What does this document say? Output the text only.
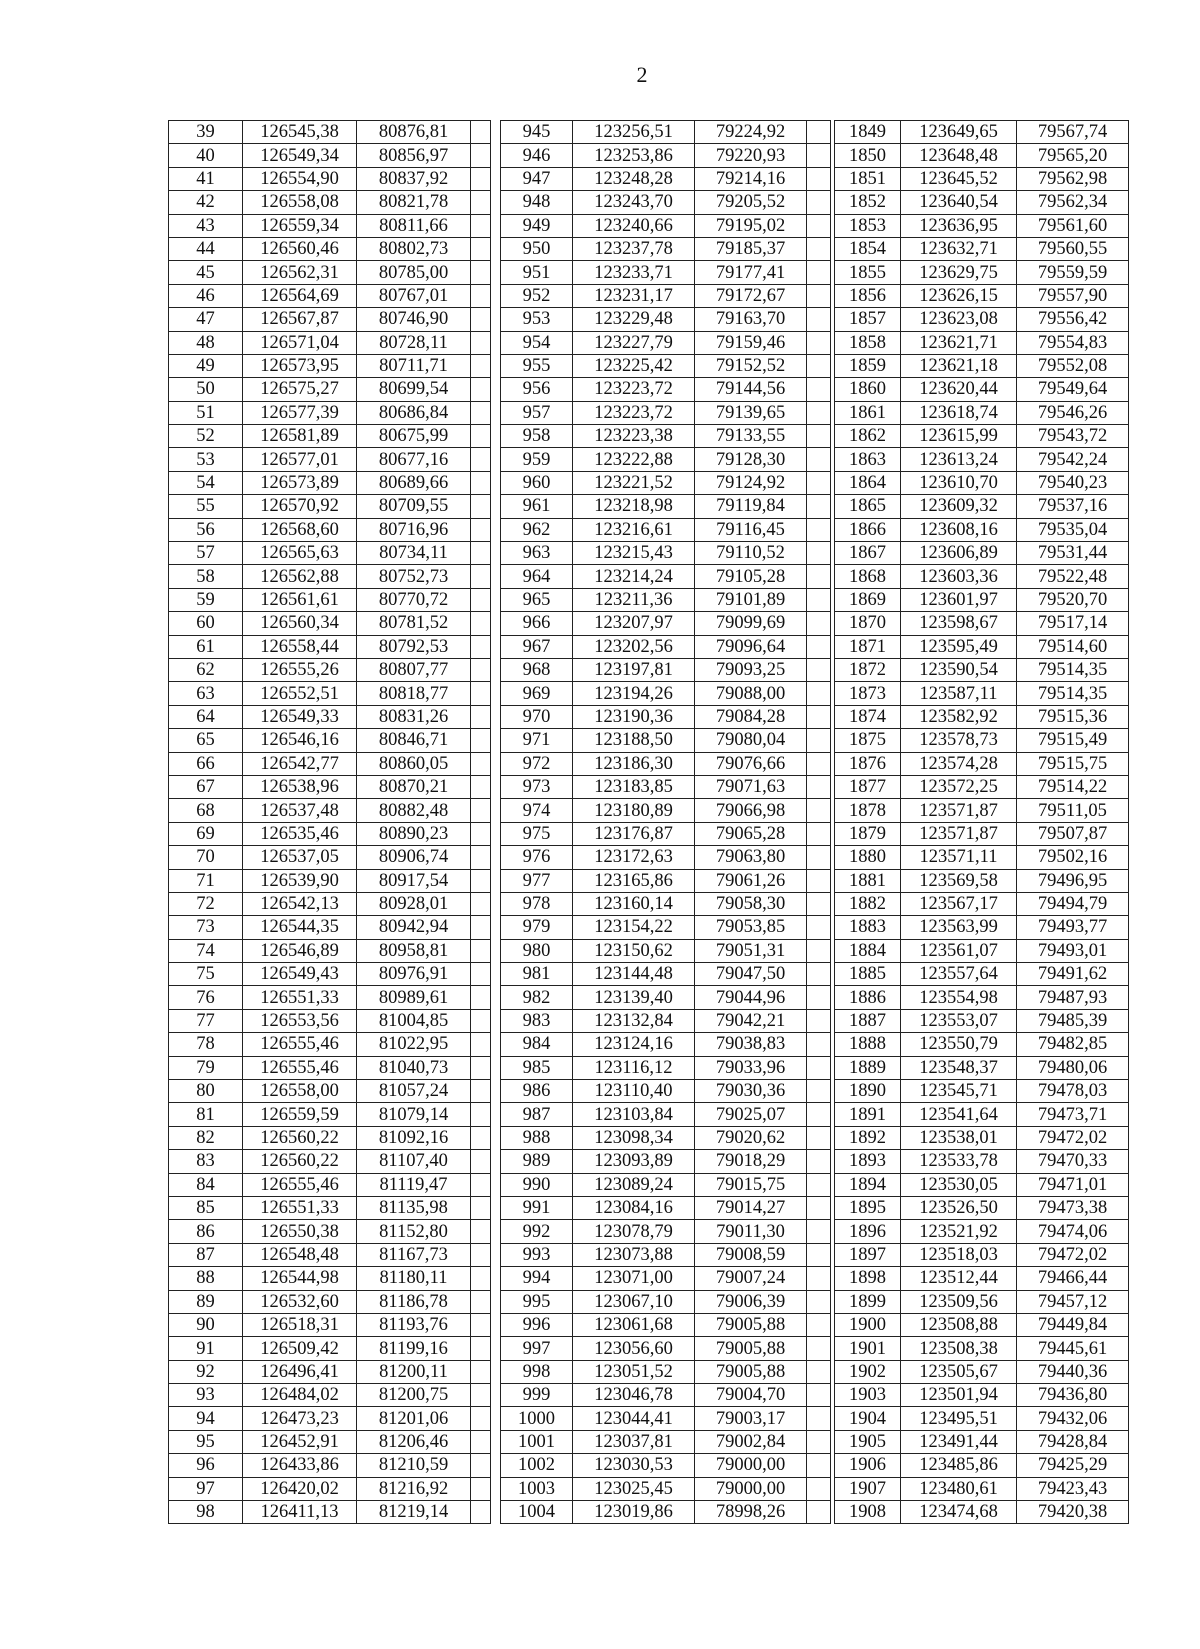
2
39	126545,38	80876,81	
40	126549,34	80856,97	
41	126554,90	80837,92	
42	126558,08	80821,78	
43	126559,34	80811,66	
44	126560,46	80802,73	
45	126562,31	80785,00	
46	126564,69	80767,01	
47	126567,87	80746,90	
48	126571,04	80728,11	
49	126573,95	80711,71	
50	126575,27	80699,54	
51	126577,39	80686,84	
52	126581,89	80675,99	
53	126577,01	80677,16	
54	126573,89	80689,66	
55	126570,92	80709,55	
56	126568,60	80716,96	
57	126565,63	80734,11	
58	126562,88	80752,73	
59	126561,61	80770,72	
60	126560,34	80781,52	
61	126558,44	80792,53	
62	126555,26	80807,77	
63	126552,51	80818,77	
64	126549,33	80831,26	
65	126546,16	80846,71	
66	126542,77	80860,05	
67	126538,96	80870,21	
68	126537,48	80882,48	
69	126535,46	80890,23	
70	126537,05	80906,74	
71	126539,90	80917,54	
72	126542,13	80928,01	
73	126544,35	80942,94	
74	126546,89	80958,81	
75	126549,43	80976,91	
76	126551,33	80989,61	
77	126553,56	81004,85	
78	126555,46	81022,95	
79	126555,46	81040,73	
80	126558,00	81057,24	
81	126559,59	81079,14	
82	126560,22	81092,16	
83	126560,22	81107,40	
84	126555,46	81119,47	
85	126551,33	81135,98	
86	126550,38	81152,80	
87	126548,48	81167,73	
88	126544,98	81180,11	
89	126532,60	81186,78	
90	126518,31	81193,76	
91	126509,42	81199,16	
92	126496,41	81200,11	
93	126484,02	81200,75	
94	126473,23	81201,06	
95	126452,91	81206,46	
96	126433,86	81210,59	
97	126420,02	81216,92	
98	126411,13	81219,14	
945	123256,51	79224,92	
946	123253,86	79220,93	
947	123248,28	79214,16	
948	123243,70	79205,52	
949	123240,66	79195,02	
950	123237,78	79185,37	
951	123233,71	79177,41	
952	123231,17	79172,67	
953	123229,48	79163,70	
954	123227,79	79159,46	
955	123225,42	79152,52	
956	123223,72	79144,56	
957	123223,72	79139,65	
958	123223,38	79133,55	
959	123222,88	79128,30	
960	123221,52	79124,92	
961	123218,98	79119,84	
962	123216,61	79116,45	
963	123215,43	79110,52	
964	123214,24	79105,28	
965	123211,36	79101,89	
966	123207,97	79099,69	
967	123202,56	79096,64	
968	123197,81	79093,25	
969	123194,26	79088,00	
970	123190,36	79084,28	
971	123188,50	79080,04	
972	123186,30	79076,66	
973	123183,85	79071,63	
974	123180,89	79066,98	
975	123176,87	79065,28	
976	123172,63	79063,80	
977	123165,86	79061,26	
978	123160,14	79058,30	
979	123154,22	79053,85	
980	123150,62	79051,31	
981	123144,48	79047,50	
982	123139,40	79044,96	
983	123132,84	79042,21	
984	123124,16	79038,83	
985	123116,12	79033,96	
986	123110,40	79030,36	
987	123103,84	79025,07	
988	123098,34	79020,62	
989	123093,89	79018,29	
990	123089,24	79015,75	
991	123084,16	79014,27	
992	123078,79	79011,30	
993	123073,88	79008,59	
994	123071,00	79007,24	
995	123067,10	79006,39	
996	123061,68	79005,88	
997	123056,60	79005,88	
998	123051,52	79005,88	
999	123046,78	79004,70	
1000	123044,41	79003,17	
1001	123037,81	79002,84	
1002	123030,53	79000,00	
1003	123025,45	79000,00	
1004	123019,86	78998,26	
1849	123649,65	79567,74
1850	123648,48	79565,20
1851	123645,52	79562,98
1852	123640,54	79562,34
1853	123636,95	79561,60
1854	123632,71	79560,55
1855	123629,75	79559,59
1856	123626,15	79557,90
1857	123623,08	79556,42
1858	123621,71	79554,83
1859	123621,18	79552,08
1860	123620,44	79549,64
1861	123618,74	79546,26
1862	123615,99	79543,72
1863	123613,24	79542,24
1864	123610,70	79540,23
1865	123609,32	79537,16
1866	123608,16	79535,04
1867	123606,89	79531,44
1868	123603,36	79522,48
1869	123601,97	79520,70
1870	123598,67	79517,14
1871	123595,49	79514,60
1872	123590,54	79514,35
1873	123587,11	79514,35
1874	123582,92	79515,36
1875	123578,73	79515,49
1876	123574,28	79515,75
1877	123572,25	79514,22
1878	123571,87	79511,05
1879	123571,87	79507,87
1880	123571,11	79502,16
1881	123569,58	79496,95
1882	123567,17	79494,79
1883	123563,99	79493,77
1884	123561,07	79493,01
1885	123557,64	79491,62
1886	123554,98	79487,93
1887	123553,07	79485,39
1888	123550,79	79482,85
1889	123548,37	79480,06
1890	123545,71	79478,03
1891	123541,64	79473,71
1892	123538,01	79472,02
1893	123533,78	79470,33
1894	123530,05	79471,01
1895	123526,50	79473,38
1896	123521,92	79474,06
1897	123518,03	79472,02
1898	123512,44	79466,44
1899	123509,56	79457,12
1900	123508,88	79449,84
1901	123508,38	79445,61
1902	123505,67	79440,36
1903	123501,94	79436,80
1904	123495,51	79432,06
1905	123491,44	79428,84
1906	123485,86	79425,29
1907	123480,61	79423,43
1908	123474,68	79420,38
